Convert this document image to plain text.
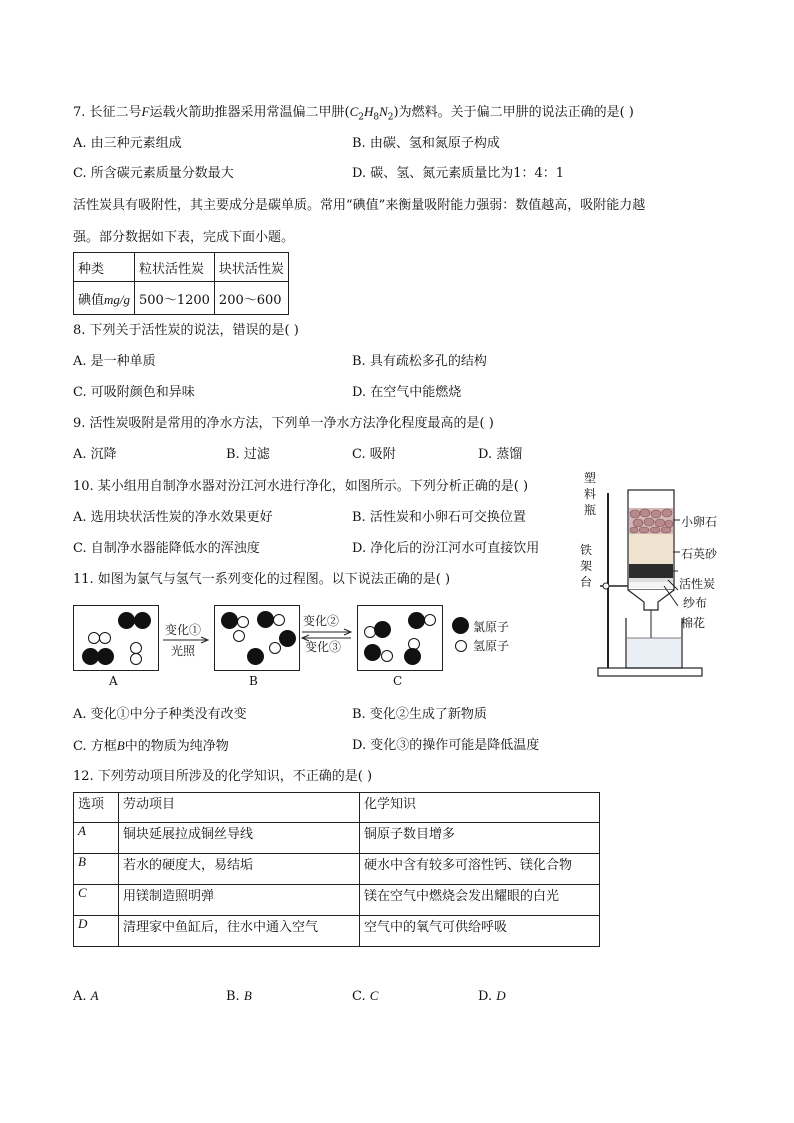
7. 长征二号F运载火箭助推器采用常温偏二甲肼$(C_2H_8N_2)$为燃料。关于偏二甲肼的说法正确的是( )
A. 由三种元素组成	B. 由碳、氢和氮原子构成
C. 所含碳元素质量分数最大	D. 碳、氢、氮元素质量比为1：4：1
活性炭具有吸附性，其主要成分是碳单质。常用“碘值”来衡量吸附能力强弱：数值越高，吸附能力越
强。部分数据如下表，完成下面小题。
种类	粒状活性炭	块状活性炭
碘值mg/g	500～1200	200～600
8. 下列关于活性炭的说法，错误的是( )
A. 是一种单质	B. 具有疏松多孔的结构
C. 可吸附颜色和异味	D. 在空气中能燃烧
9. 活性炭吸附是常用的净水方法，下列单一净水方法净化程度最高的是( )
A. 沉降	B. 过滤	C. 吸附	D. 蒸馏
10. 某小组用自制净水器对汾江河水进行净化，如图所示。下列分析正确的是( )
A. 选用块状活性炭的净水效果更好	B. 活性炭和小卵石可交换位置
C. 自制净水器能降低水的浑浊度	D. 净化后的汾江河水可直接饮用
塑
料
瓶
铁
架
台
小卵石
石英砂
活性炭
纱布
棉花
11. 如图为氯气与氢气一系列变化的过程图。以下说法正确的是( )
A
变化①
光照
B
变化②
变化③
C
氯原子
氢原子
A. 变化①中分子种类没有改变	B. 变化②生成了新物质
C. 方框B中的物质为纯净物	D. 变化③的操作可能是降低温度
12. 下列劳动项目所涉及的化学知识，不正确的是( )
选项	劳动项目	化学知识
A	铜块延展拉成铜丝导线	铜原子数目增多
B	若水的硬度大，易结垢	硬水中含有较多可溶性钙、镁化合物
C	用镁制造照明弹	镁在空气中燃烧会发出耀眼的白光
D	清理家中鱼缸后，往水中通入空气	空气中的氧气可供给呼吸
A. A	B. B	C. C	D. D
